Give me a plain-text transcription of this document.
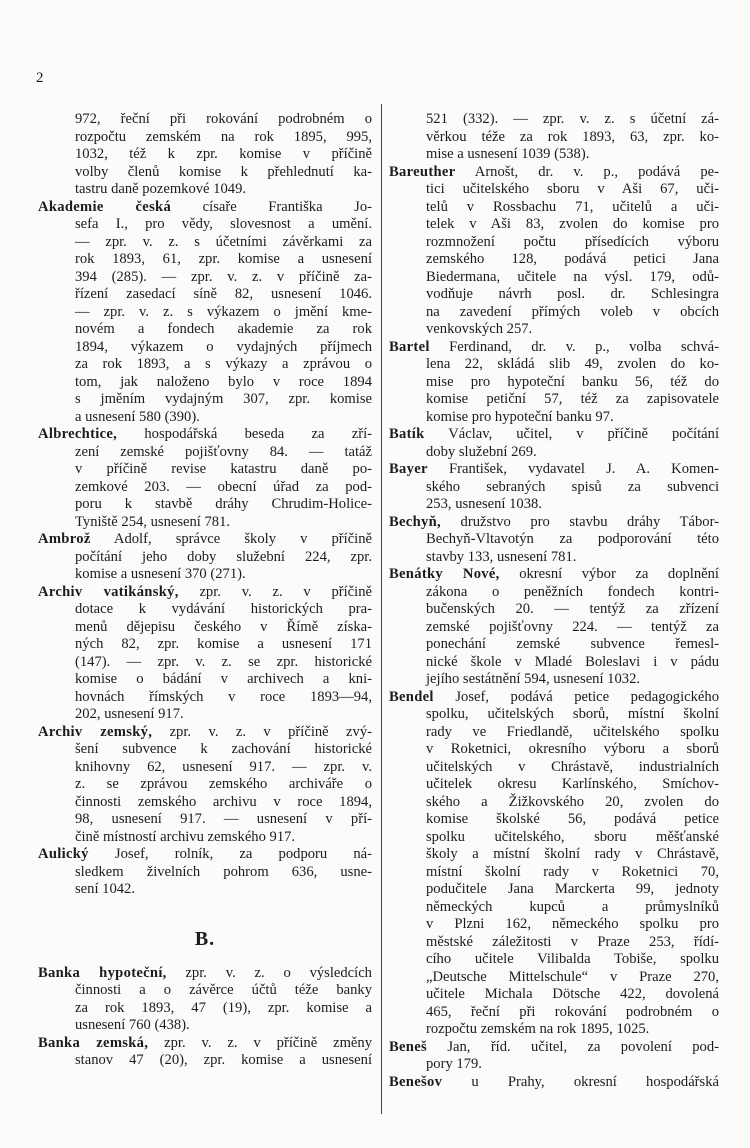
2
972, řeční při rokování podrobném o
rozpočtu zemském na rok 1895, 995,
1032, též k zpr. komise v příčině
volby členů komise k přehlednutí ka-
tastru daně pozemkové 1049.
Akademie česká císaře Františka Jo-
sefa I., pro vědy, slovesnost a umění.
— zpr. v. z. s účetními závěrkami za
rok 1893, 61, zpr. komise a usnesení
394 (285). — zpr. v. z. v příčině za-
řízení zasedací síně 82, usnesení 1046.
— zpr. v. z. s výkazem o jmění kme-
novém a fondech akademie za rok
1894, výkazem o vydajných příjmech
za rok 1893, a s výkazy a zprávou o
tom, jak naloženo bylo v roce 1894
s jměním vydajným 307, zpr. komise
a usnesení 580 (390).
Albrechtice, hospodářská beseda za zří-
zení zemské pojišťovny 84. — tatáž
v příčině revise katastru daně po-
zemkové 203. — obecní úřad za pod-
poru k stavbě dráhy Chrudim-Holice-
Tyniště 254, usnesení 781.
Ambrož Adolf, správce školy v příčině
počítání jeho doby služební 224, zpr.
komise a usnesení 370 (271).
Archiv vatikánský, zpr. v. z. v příčině
dotace k vydávání historických pra-
menů dějepisu českého v Římě získa-
ných 82, zpr. komise a usnesení 171
(147). — zpr. v. z. se zpr. historické
komise o bádání v archivech a kni-
hovnách římských v roce 1893—94,
202, usnesení 917.
Archiv zemský, zpr. v. z. v příčině zvý-
šení subvence k zachování historické
knihovny 62, usnesení 917. — zpr. v.
z. se zprávou zemského archiváře o
činnosti zemského archivu v roce 1894,
98, usnesení 917. — usnesení v pří-
čině místností archivu zemského 917.
Aulický Josef, rolník, za podporu ná-
sledkem živelních pohrom 636, usne-
sení 1042.
B.
Banka hypoteční, zpr. v. z. o výsledcích
činnosti a o závěrce účtů téže banky
za rok 1893, 47 (19), zpr. komise a
usnesení 760 (438).
Banka zemská, zpr. v. z. v příčině změny
stanov 47 (20), zpr. komise a usnesení
521 (332). — zpr. v. z. s účetní zá-
věrkou téže za rok 1893, 63, zpr. ko-
mise a usnesení 1039 (538).
Bareuther Arnošt, dr. v. p., podává pe-
tici učitelského sboru v Aši 67, uči-
telů v Rossbachu 71, učitelů a uči-
telek v Aši 83, zvolen do komise pro
rozmnožení počtu přísedících výboru
zemského 128, podává petici Jana
Biedermana, učitele na výsl. 179, odů-
vodňuje návrh posl. dr. Schlesingra
na zavedení přímých voleb v obcích
venkovských 257.
Bartel Ferdinand, dr. v. p., volba schvá-
lena 22, skládá slib 49, zvolen do ko-
mise pro hypoteční banku 56, též do
komise petiční 57, též za zapisovatele
komise pro hypoteční banku 97.
Batík Václav, učitel, v příčině počítání
doby služební 269.
Bayer František, vydavatel J. A. Komen-
ského sebraných spisů za subvenci
253, usnesení 1038.
Bechyň, družstvo pro stavbu dráhy Tábor-
Bechyň-Vltavotýn za podporování této
stavby 133, usnesení 781.
Benátky Nové, okresní výbor za doplnění
zákona o peněžních fondech kontri-
bučenských 20. — tentýž za zřízení
zemské pojišťovny 224. — tentýž za
ponechání zemské subvence řemesl-
nické škole v Mladé Boleslavi i v pádu
jejího sestátnění 594, usnesení 1032.
Bendel Josef, podává petice pedagogického
spolku, učitelských sborů, místní školní
rady ve Friedlandě, učitelského spolku
v Roketnici, okresního výboru a sborů
učitelských v Chrástavě, industrialních
učitelek okresu Karlínského, Smíchov-
ského a Žižkovského 20, zvolen do
komise školské 56, podává petice
spolku učitelského, sboru měšťanské
školy a místní školní rady v Chrástavě,
místní školní rady v Roketnici 70,
podučitele Jana Marckerta 99, jednoty
německých kupců a průmyslníků
v Plzni 162, německého spolku pro
městské záležitosti v Praze 253, řídí-
cího učitele Vilibalda Tobiše, spolku
„Deutsche Mittelschule“ v Praze 270,
učitele Michala Dötsche 422, dovolená
465, řeční při rokování podrobném o
rozpočtu zemském na rok 1895, 1025.
Beneš Jan, říd. učitel, za povolení pod-
pory 179.
Benešov u Prahy, okresní hospodářská
